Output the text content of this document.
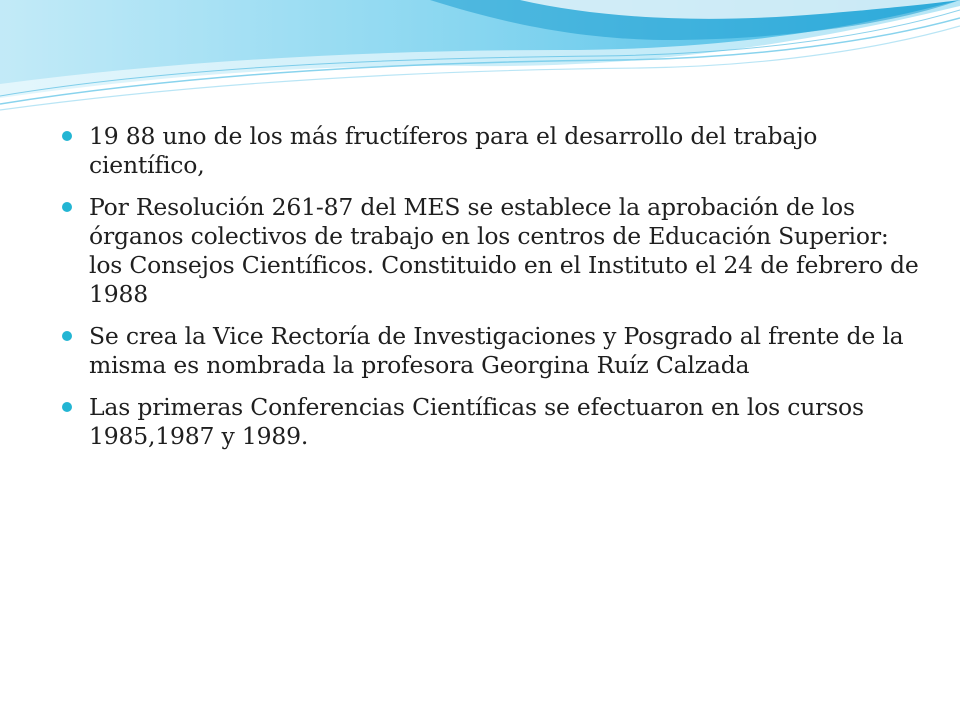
19 88 uno de los más fructíferos para el desarrollo del trabajo científico,
Por Resolución 261-87 del MES se establece la aprobación de los órganos colectivos de trabajo en los centros de Educación Superior: los Consejos Científicos. Constituido en el Instituto el 24 de febrero de 1988
Se crea la Vice Rectoría de Investigaciones y Posgrado al frente de la misma es nombrada la profesora Georgina Ruíz Calzada
Las primeras Conferencias Científicas se efectuaron en los cursos 1985,1987 y 1989.
